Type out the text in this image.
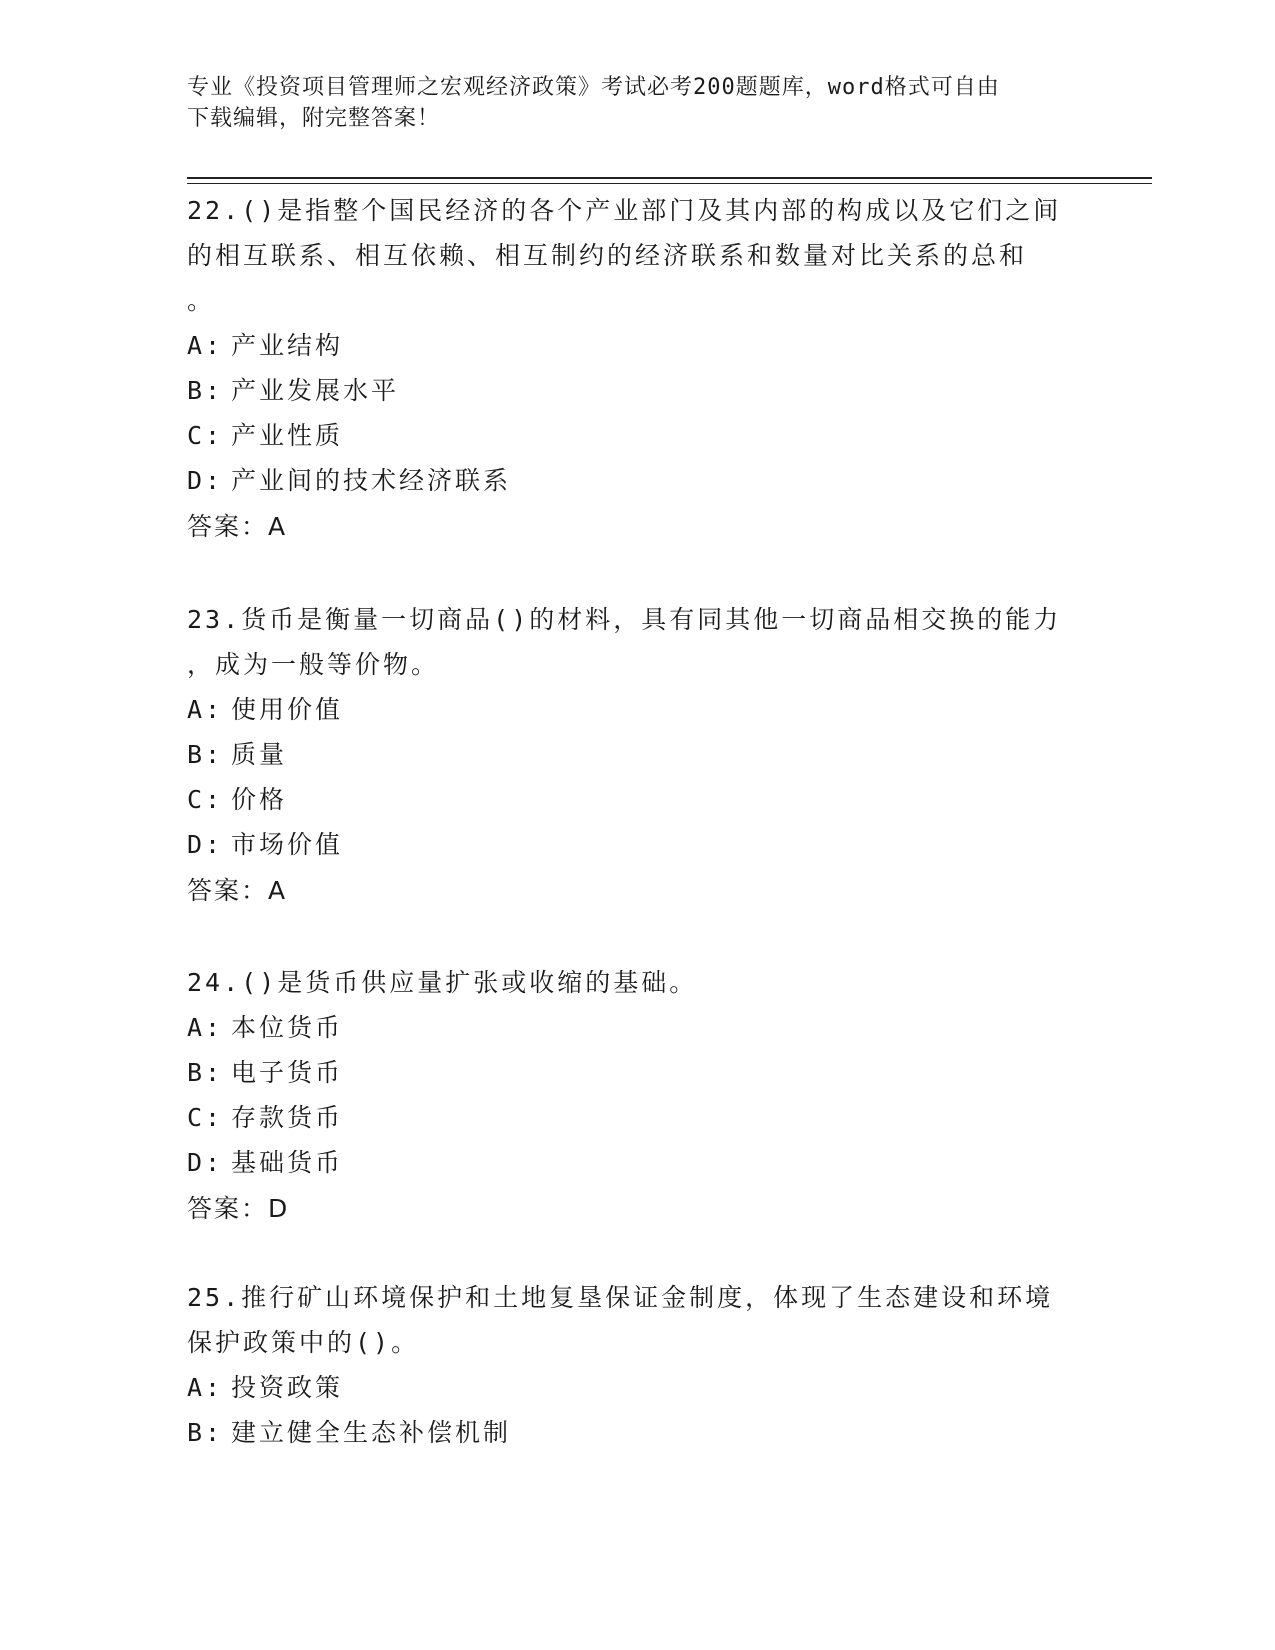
专业《投资项目管理师之宏观经济政策》考试必考200题题库，word格式可自由
下载编辑，附完整答案！

22.()是指整个国民经济的各个产业部门及其内部的构成以及它们之间

的相互联系、相互依赖、相互制约的经济联系和数量对比关系的总和

。

A: 产业结构

B: 产业发展水平

C: 产业性质

D: 产业间的技术经济联系

答案：A

23.货币是衡量一切商品()的材料，具有同其他一切商品相交换的能力

，成为一般等价物。

A: 使用价值

B: 质量

C: 价格

D: 市场价值

答案：A

24.()是货币供应量扩张或收缩的基础。

A: 本位货币

B: 电子货币

C: 存款货币

D: 基础货币

答案：D

25.推行矿山环境保护和土地复垦保证金制度，体现了生态建设和环境

保护政策中的()。

A: 投资政策

B: 建立健全生态补偿机制
